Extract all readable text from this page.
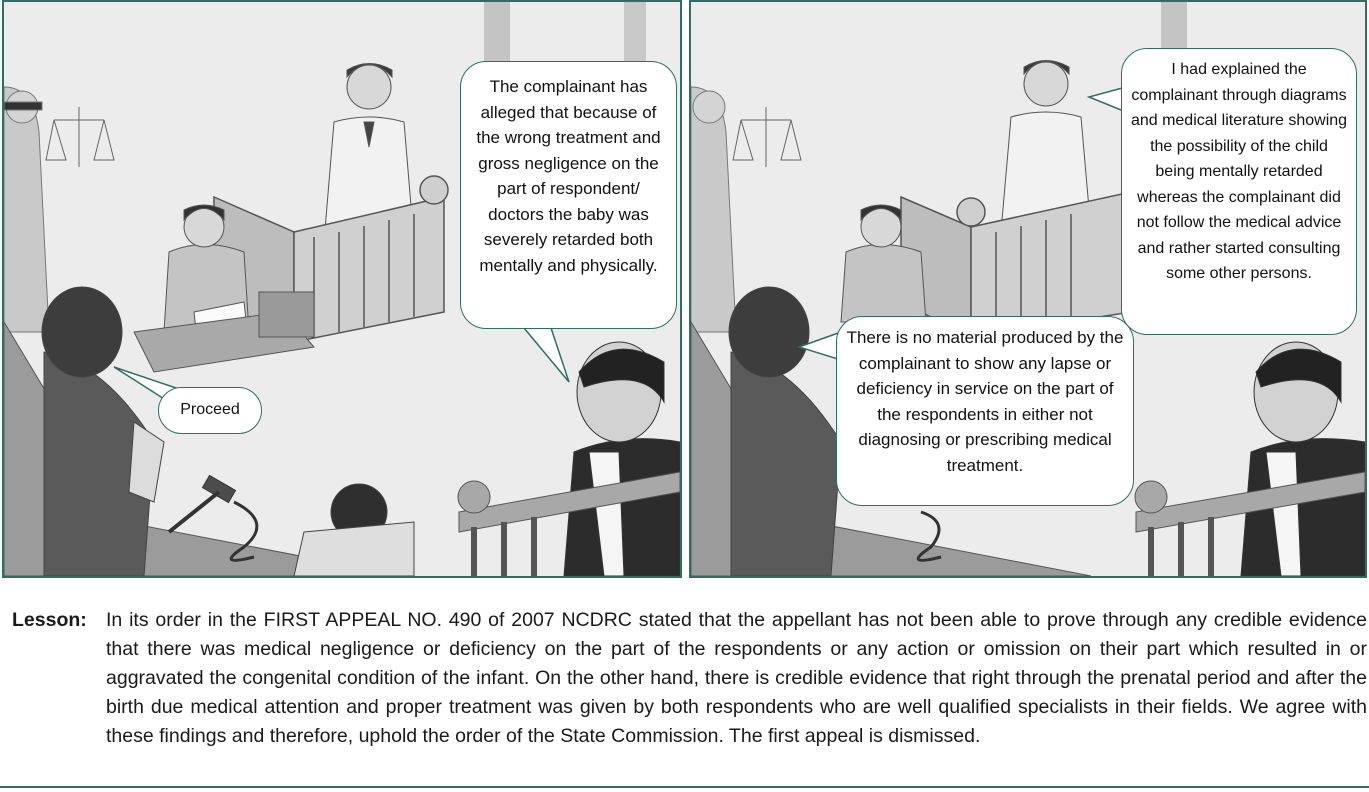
Proceed
The complainant has alleged that because of the wrong treatment and gross negligence on the part of respondent/ doctors the baby was severely retarded both mentally and physically.
I had explained the complainant through diagrams and medical literature showing the possibility of the child being mentally retarded whereas the complainant did not follow the medical advice and rather started consulting some other persons.
There is no material produced by the complainant to show any lapse or deficiency in service on the part of the respondents in either not diagnosing or prescribing medical treatment.
Lesson: In its order in the FIRST APPEAL NO. 490 of 2007 NCDRC stated that the appellant has not been able to prove through any credible evidence that there was medical negligence or deficiency on the part of the respondents or any action or omission on their part which resulted in or aggravated the congenital condition of the infant. On the other hand, there is credible evidence that right through the prenatal period and after the birth due medical attention and proper treatment was given by both respondents who are well qualified specialists in their fields. We agree with these findings and therefore, uphold the order of the State Commission. The first appeal is dismissed.
